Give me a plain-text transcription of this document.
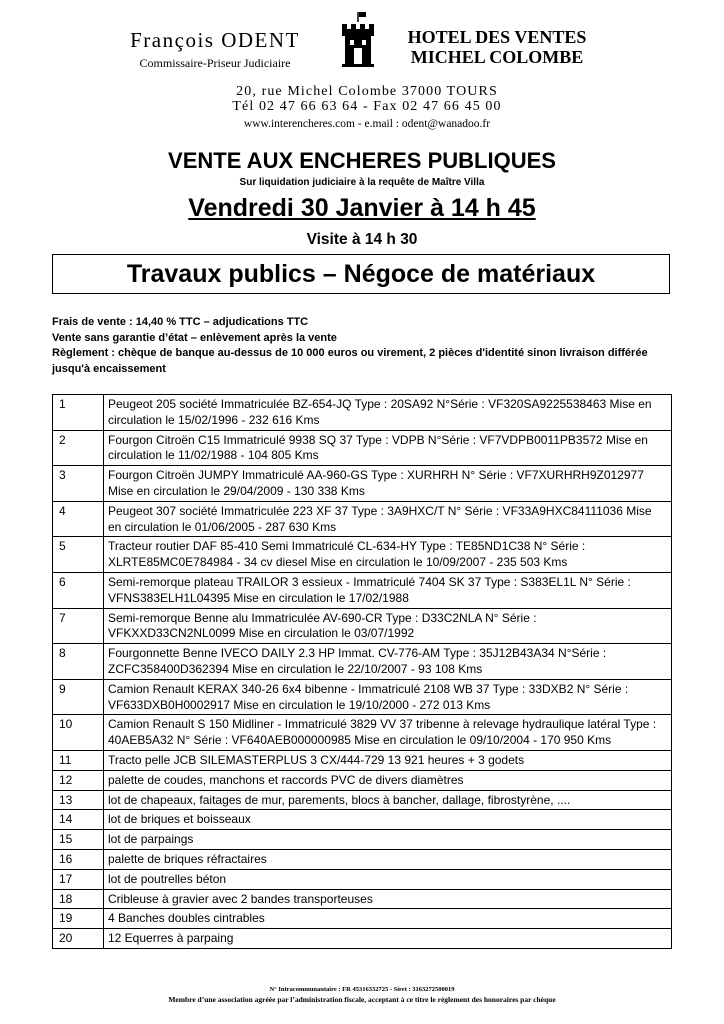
François ODENT
Commissaire-Priseur Judiciaire
HOTEL DES VENTES
MICHEL COLOMBE
20, rue Michel Colombe 37000 TOURS
Tél 02 47 66 63 64 - Fax 02 47 66 45 00
www.interencheres.com - e.mail : odent@wanadoo.fr
VENTE AUX ENCHERES PUBLIQUES
Sur liquidation judiciaire à la requête de Maître Villa
Vendredi 30 Janvier à 14 h 45
Visite à 14 h 30
Travaux publics – Négoce de matériaux
Frais de vente : 14,40 % TTC – adjudications TTC
Vente sans garantie d’état – enlèvement après la vente
Règlement : chèque de banque au-dessus de 10 000 euros ou virement, 2 pièces d'identité sinon livraison différée jusqu'à encaissement
1	Peugeot 205 société Immatriculée BZ-654-JQ Type : 20SA92 N°Série : VF320SA9225538463 Mise en circulation le 15/02/1996 - 232 616 Kms
2	Fourgon Citroën C15 Immatriculé 9938 SQ 37 Type : VDPB N°Série : VF7VDPB0011PB3572 Mise en circulation le 11/02/1988 - 104 805 Kms
3	Fourgon Citroën JUMPY Immatriculé AA-960-GS Type : XURHRH N° Série : VF7XURHRH9Z012977 Mise en circulation le 29/04/2009 - 130 338 Kms
4	Peugeot 307 société Immatriculée 223 XF 37 Type : 3A9HXC/T N° Série : VF33A9HXC84111036 Mise en circulation le 01/06/2005 - 287 630 Kms
5	Tracteur routier DAF 85-410 Semi Immatriculé CL-634-HY Type : TE85ND1C38 N° Série : XLRTE85MC0E784984 - 34 cv diesel Mise en circulation le 10/09/2007 - 235 503 Kms
6	Semi-remorque plateau TRAILOR 3 essieux - Immatriculé 7404 SK 37 Type : S383EL1L N° Série : VFNS383ELH1L04395 Mise en circulation le 17/02/1988
7	Semi-remorque Benne alu Immatriculée AV-690-CR Type : D33C2NLA N° Série : VFKXXD33CN2NL0099 Mise en circulation le 03/07/1992
8	Fourgonnette Benne IVECO DAILY 2.3 HP Immat. CV-776-AM Type : 35J12B43A34 N°Série : ZCFC358400D362394 Mise en circulation le 22/10/2007 - 93 108 Kms
9	Camion Renault KERAX 340-26 6x4 bibenne - Immatriculé 2108 WB 37 Type : 33DXB2 N° Série : VF633DXB0H0002917 Mise en circulation le 19/10/2000 - 272 013 Kms
10	Camion Renault S 150 Midliner - Immatriculé 3829 VV 37 tribenne à relevage hydraulique latéral Type : 40AEB5A32 N° Série : VF640AEB000000985 Mise en circulation le 09/10/2004 - 170 950 Kms
11	Tracto pelle JCB SILEMASTERPLUS 3 CX/444-729 13 921 heures + 3 godets
12	palette de coudes, manchons et raccords PVC de divers diamètres
13	lot de chapeaux, faitages de mur, parements, blocs à bancher, dallage, fibrostyrène, ....
14	lot de briques et boisseaux
15	lot de parpaings
16	palette de briques réfractaires
17	lot de poutrelles béton
18	Cribleuse à gravier avec 2 bandes transporteuses
19	4 Banches doubles cintrables
20	12 Equerres à parpaing
N° Intracommunautaire : FR 45316332725 - Siret : 3163272500019
Membre d’une association agréée par l’administration fiscale, acceptant à ce titre le règlement des honoraires par chèque
